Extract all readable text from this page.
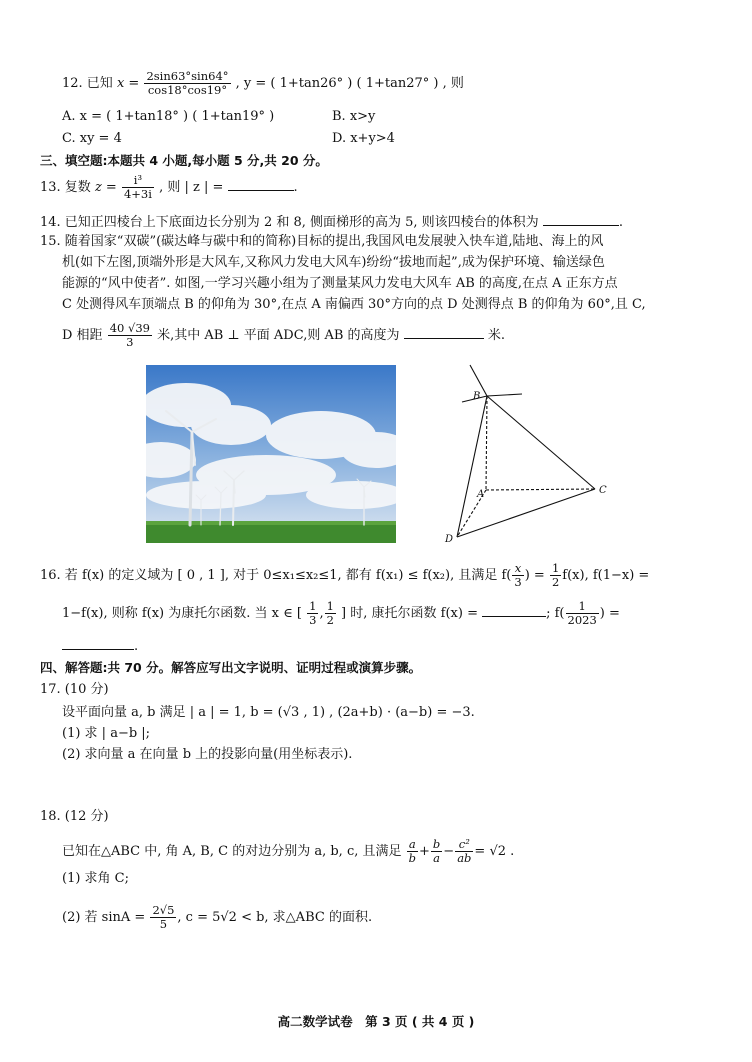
12. 已知 $x = \frac{2\sin 63^\circ\sin 64^\circ}{\cos 18^\circ\cos 19^\circ}$ , y = ( 1+tan26° ) ( 1+tan27° ) , 则
A. x = ( 1+tan18° ) ( 1+tan19° )	B. x>y
C. xy = 4	D. x+y>4
三、填空题:本题共 4 小题,每小题 5 分,共 20 分。
13. 复数 $z = \frac{\text{i³}}{4+3i}$ , 则 | z | =	.
14. 已知正四棱台上下底面边长分别为 2 和 8, 侧面梯形的高为 5, 则该四棱台的体积为	.
15. 随着国家“双碳”(碳达峰与碳中和的简称)目标的提出,我国风电发展驶入快车道,陆地、海上的风
机(如下左图,顶端外形是大风车,又称风力发电大风车)纷纷“拔地而起”,成为保护环境、输送绿色
能源的“风中使者”. 如图,一学习兴趣小组为了测量某风力发电大风车 AB 的高度,在点 A 正东方点
C 处测得风车顶端点 B 的仰角为 30°,在点 A 南偏西 30°方向的点 D 处测得点 B 的仰角为 60°,且 C,
D 相距 $\frac{40 √39}{3}$ 米,其中 AB ⊥ 平面 ADC,则 AB 的高度为	米.
B
A	C
D
16. 若 f(x) 的定义域为 [ 0 , 1 ], 对于 0≤x₁≤x₂≤1, 都有 f(x₁) ≤ f(x₂), 且满足 $f( \frac{x}{3}$ ) = $\frac{1}{2} f(x)$, f(1−x) =
1−f(x), 则称 f(x) 为康托尔函数. 当 x ∈ [ $\frac{1}{3}$ , $\frac{1}{2}$ ] 时, 康托尔函数 f(x) =	; $f( \frac{1}{2023}$ ) =
.
四、解答题:共 70 分。解答应写出文字说明、证明过程或演算步骤。
17. (10 分)
设平面向量 a, b 满足 | a | = 1, b = (√3 , 1) , (2a+b) · (a−b) = −3.
(1) 求 | a−b |;
(2) 求向量 a 在向量 b 上的投影向量(用坐标表示).
18. (12 分)
已知在△ABC 中, 角 A, B, C 的对边分别为 a, b, c, 且满足 $\frac{a}{b} + \frac{b}{a} - \frac{\text{c²}}{ab} = √2$ .
(1) 求角 C;
(2) 若 $\sin A = \frac{2√5}{5}$ , c = 5√2 < b, 求△ABC 的面积.
高二数学试卷　第 3 页 ( 共 4 页 )
